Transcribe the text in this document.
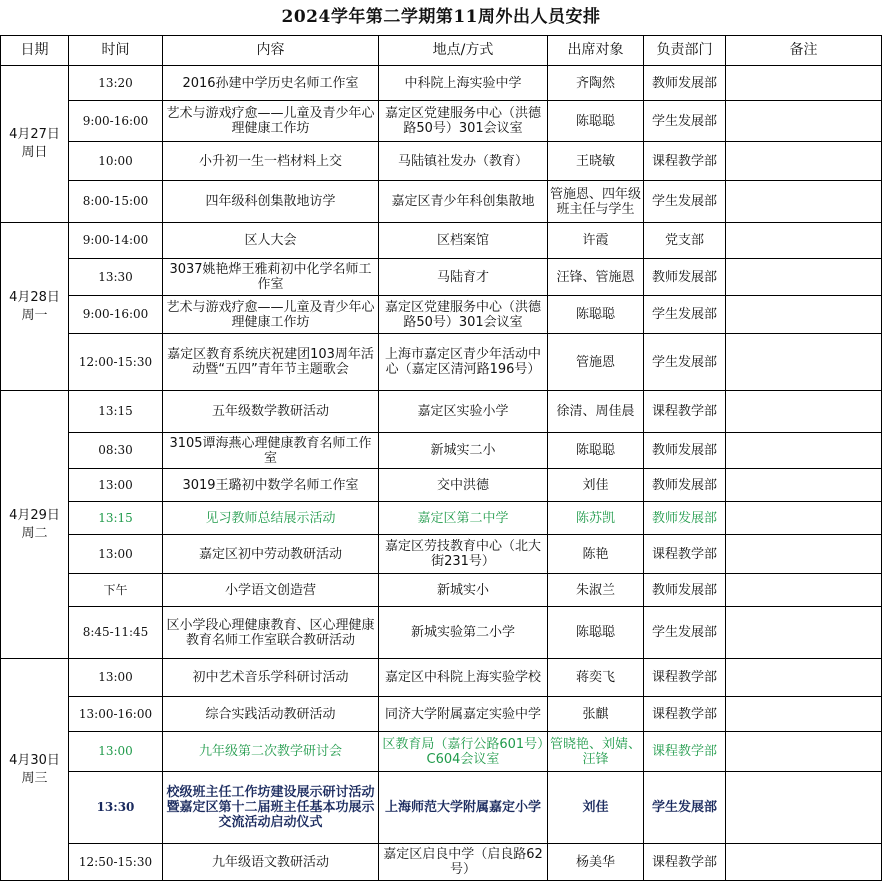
2024学年第二学期第11周外出人员安排
日期	时间	内容	地点/方式	出席对象	负责部门	备注

4月27日
周日	13:20	2016孙建中学历史名师工作室	中科院上海实验中学	齐陶然	教师发展部	
	9:00-16:00	艺术与游戏疗愈——儿童及青少年心理健康工作坊	嘉定区党建服务中心（洪德路50号）301会议室	陈聪聪	学生发展部	
	10:00	小升初一生一档材料上交	马陆镇社发办（教育）	王晓敏	课程教学部	
	8:00-15:00	四年级科创集散地访学	嘉定区青少年科创集散地	管施恩、四年级班主任与学生	学生发展部	

4月28日
周一	9:00-14:00	区人大会	区档案馆	许霞	党支部	
	13:30	3037姚艳烨王雅莉初中化学名师工作室	马陆育才	汪锋、管施恩	教师发展部	
	9:00-16:00	艺术与游戏疗愈——儿童及青少年心理健康工作坊	嘉定区党建服务中心（洪德路50号）301会议室	陈聪聪	学生发展部	
	12:00-15:30	嘉定区教育系统庆祝建团103周年活动暨“五四”青年节主题歌会	上海市嘉定区青少年活动中心（嘉定区清河路196号）	管施恩	学生发展部	

4月29日
周二	13:15	五年级数学教研活动	嘉定区实验小学	徐清、周佳晨	课程教学部	
	08:30	3105谭海燕心理健康教育名师工作室	新城实二小	陈聪聪	教师发展部	
	13:00	3019王璐初中数学名师工作室	交中洪德	刘佳	教师发展部	
	13:15	见习教师总结展示活动	嘉定区第二中学	陈苏凯	教师发展部	
	13:00	嘉定区初中劳动教研活动	嘉定区劳技教育中心（北大街231号）	陈艳	课程教学部	
	下午	小学语文创造营	新城实小	朱淑兰	教师发展部	
	8:45-11:45	区小学段心理健康教育、区心理健康教育名师工作室联合教研活动	新城实验第二小学	陈聪聪	学生发展部	

4月30日
周三	13:00	初中艺术音乐学科研讨活动	嘉定区中科院上海实验学校	蒋奕飞	课程教学部	
	13:00-16:00	综合实践活动教研活动	同济大学附属嘉定实验中学	张麒	课程教学部	
	13:00	九年级第二次教学研讨会	区教育局（嘉行公路601号）C604会议室	管晓艳、刘婧、汪锋	课程教学部	
	13:30	校级班主任工作坊建设展示研讨活动暨嘉定区第十二届班主任基本功展示交流活动启动仪式	上海师范大学附属嘉定小学	刘佳	学生发展部	
	12:50-15:30	九年级语文教研活动	嘉定区启良中学（启良路62号）	杨美华	课程教学部	
